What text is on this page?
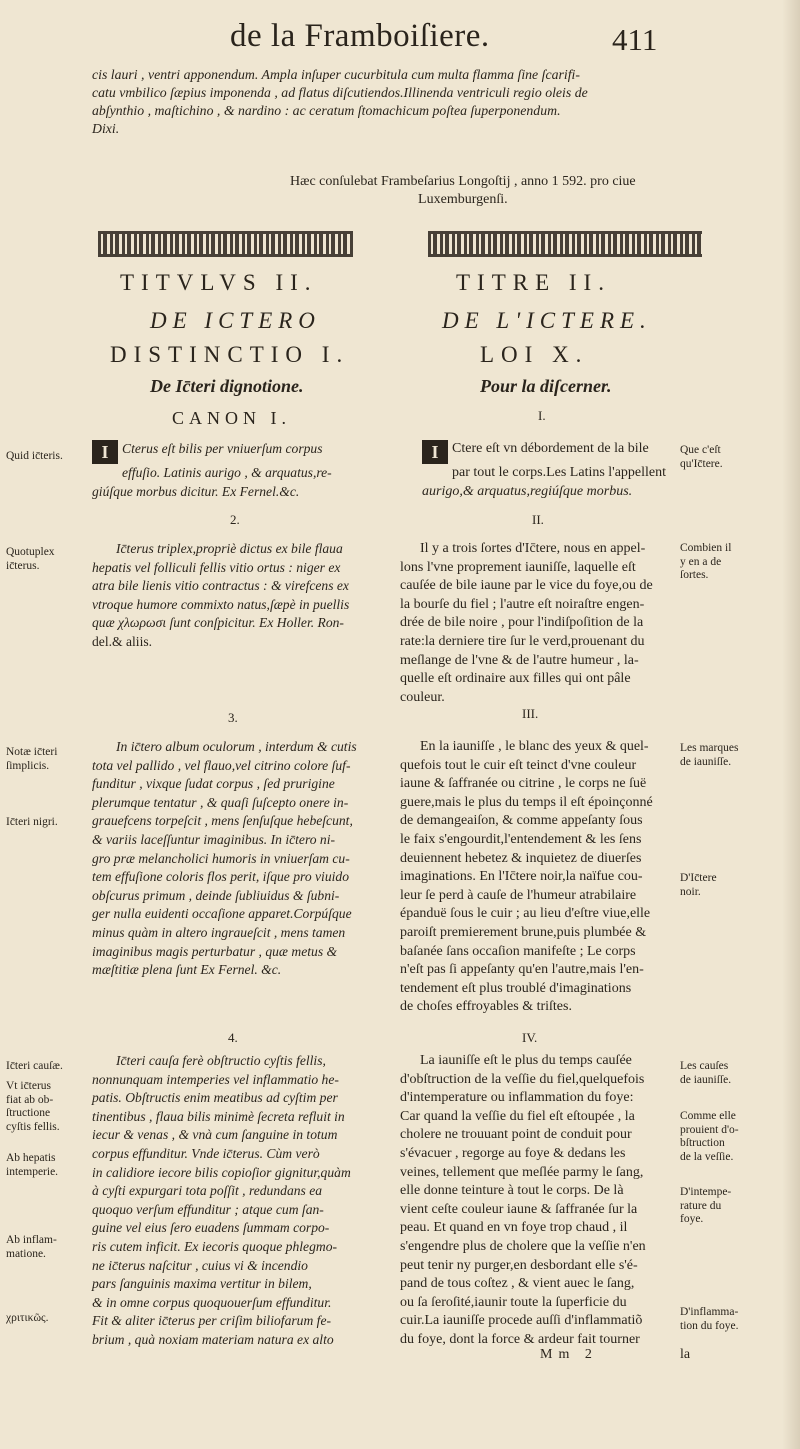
de la Framboiſiere.	411
cis lauri , ventri apponendum. Ampla inſuper cucurbitula cum multa flamma ſine ſcarifi-
catu vmbilico ſæpius imponenda , ad flatus diſcutiendos.Illinenda ventriculi regio oleis de
abſynthio , maſtichino , & nardino : ac ceratum ſtomachicum poſtea ſuperponendum.
Dixi.
Hæc conſulebat Frambeſarius Longoſtij , anno 1 592. pro ciue
Luxemburgenſi.
TITVLVS II.
DE ICTERO
DISTINCTIO I.
De Ic̄teri dignotione.
CANON I.
TITRE II.
DE L'ICTERE.
LOI X.
Pour la diſcerner.
I.
I Cterus eſt bilis per vniuerſum corpus
effuſio. Latinis aurigo , & arquatus,re-
giúſque morbus dicitur. Ex Fernel.&c.
I Ctere eſt vn débordement de la bile
par tout le corps.Les Latins l'appellent
aurigo,& arquatus,regiúſque morbus.
2.	II.
Ic̄terus triplex,propriè dictus ex bile flaua
hepatis vel folliculi fellis vitio ortus : niger ex
atra bile lienis vitio contractus : & virefcens ex
vtroque humore commixto natus,ſæpè in puellis
quæ χλωρωσι ſunt conſpicitur. Ex Holler. Ron-
del.& aliis.
Il y a trois ſortes d'Ic̄tere, nous en appel-
lons l'vne proprement iauniſſe, laquelle eſt
cauſée de bile iaune par le vice du foye,ou de
la bourſe du fiel ; l'autre eſt noiraſtre engen-
drée de bile noire , pour l'indiſpoſition de la
rate:la derniere tire ſur le verd,prouenant du
meſlange de l'vne & de l'autre humeur , la-
quelle eſt ordinaire aux filles qui ont pâle
couleur.
3.	III.
In ic̄tero album oculorum , interdum & cutis
tota vel pallido , vel flauo,vel citrino colore ſuf-
funditur , vixque ſudat corpus , ſed prurigine
plerumque tentatur , & quaſi ſuſcepto onere in-
grauefcens torpeſcit , mens ſenſuſque hebeſcunt,
& variis laceſſuntur imaginibus. In ic̄tero ni-
gro præ melancholici humoris in vniuerſam cu-
tem effuſione coloris flos perit, iſque pro viuido
obſcurus primum , deinde ſubliuidus & ſubni-
ger nulla euidenti occaſione apparet.Corpúſque
minus quàm in altero ingraueſcit , mens tamen
imaginibus magis perturbatur , quæ metus &
mæſtitiæ plena ſunt Ex Fernel. &c.
En la iauniſſe , le blanc des yeux & quel-
quefois tout le cuir eſt teinct d'vne couleur
iaune & ſaffranée ou citrine , le corps ne ſuë
guere,mais le plus du temps il eſt époinçonné
de demangeaiſon, & comme appeſanty ſous
le faix s'engourdit,l'entendement & les ſens
deuiennent hebetez & inquietez de diuerſes
imaginations. En l'Ic̄tere noir,la naïfue cou-
leur ſe perd à cauſe de l'humeur atrabilaire
épanduë ſous le cuir ; au lieu d'eſtre viue,elle
paroiſt premierement brune,puis plumbée &
baſanée ſans occaſion manifeſte ; Le corps
n'eſt pas ſi appeſanty qu'en l'autre,mais l'en-
tendement eſt plus troublé d'imaginations
de choſes effroyables & triſtes.
4.	IV.
Ic̄teri cauſa ferè obſtructio cyſtis fellis,
nonnunquam intemperies vel inflammatio he-
patis. Obſtructis enim meatibus ad cyſtim per
tinentibus , flaua bilis minimè ſecreta refluit in
iecur & venas , & vnà cum ſanguine in totum
corpus effunditur. Vnde ic̄terus. Cùm verò
in calidiore iecore bilis copioſior gignitur,quàm
à cyſti expurgari tota poſſit , redundans ea
quoquo verſum effunditur ; atque cum ſan-
guine vel eius ſero euadens ſummam corpo-
ris cutem inficit. Ex iecoris quoque phlegmo-
ne ic̄terus naſcitur , cuius vi & incendio
pars ſanguinis maxima vertitur in bilem,
& in omne corpus quoquouerſum effunditur.
Fit & aliter ic̄terus per criſim biliofarum fe-
brium , quà noxiam materiam natura ex alto
La iauniſſe eſt le plus du temps cauſée
d'obſtruction de la veſſie du fiel,quelquefois
d'intemperature ou inflammation du foye:
Car quand la veſſie du fiel eſt eſtoupée , la
cholere ne trouuant point de conduit pour
s'évacuer , regorge au foye & dedans les
veines, tellement que meſlée parmy le ſang,
elle donne teinture à tout le corps. De là
vient ceſte couleur iaune & ſaffranée ſur la
peau. Et quand en vn foye trop chaud , il
s'engendre plus de cholere que la veſſie n'en
peut tenir ny purger,en desbordant elle s'é-
pand de tous coſtez , & vient auec le ſang,
ou ſa ſeroſité,iaunir toute la ſuperficie du
cuir.La iauniſſe procede auſſi d'inflammatiõ
du foye, dont la force & ardeur fait tourner
Quid ic̄teris.
Quotuplex
ic̄terus.
Notæ ic̄teri
ſimplicis.
Ic̄teri nigri.
Ic̄teri cauſæ.
Vt ic̄terus
fiat ab ob-
ſtructione
cyſtis fellis.
Ab hepatis
intemperie.
Ab inflam-
matione.
χριτικῶς.
Que c'eſt
qu'Ic̄tere.
Combien il
y en a de
ſortes.
Les marques
de iauniſſe.
D'Ic̄tere
noir.
Les cauſes
de iauniſſe.
Comme elle
prouient d'o-
bſtruction
de la veſſie.
D'intempe-
rature du
foye.
D'inflamma-
tion du foye.
Mm 2	la
